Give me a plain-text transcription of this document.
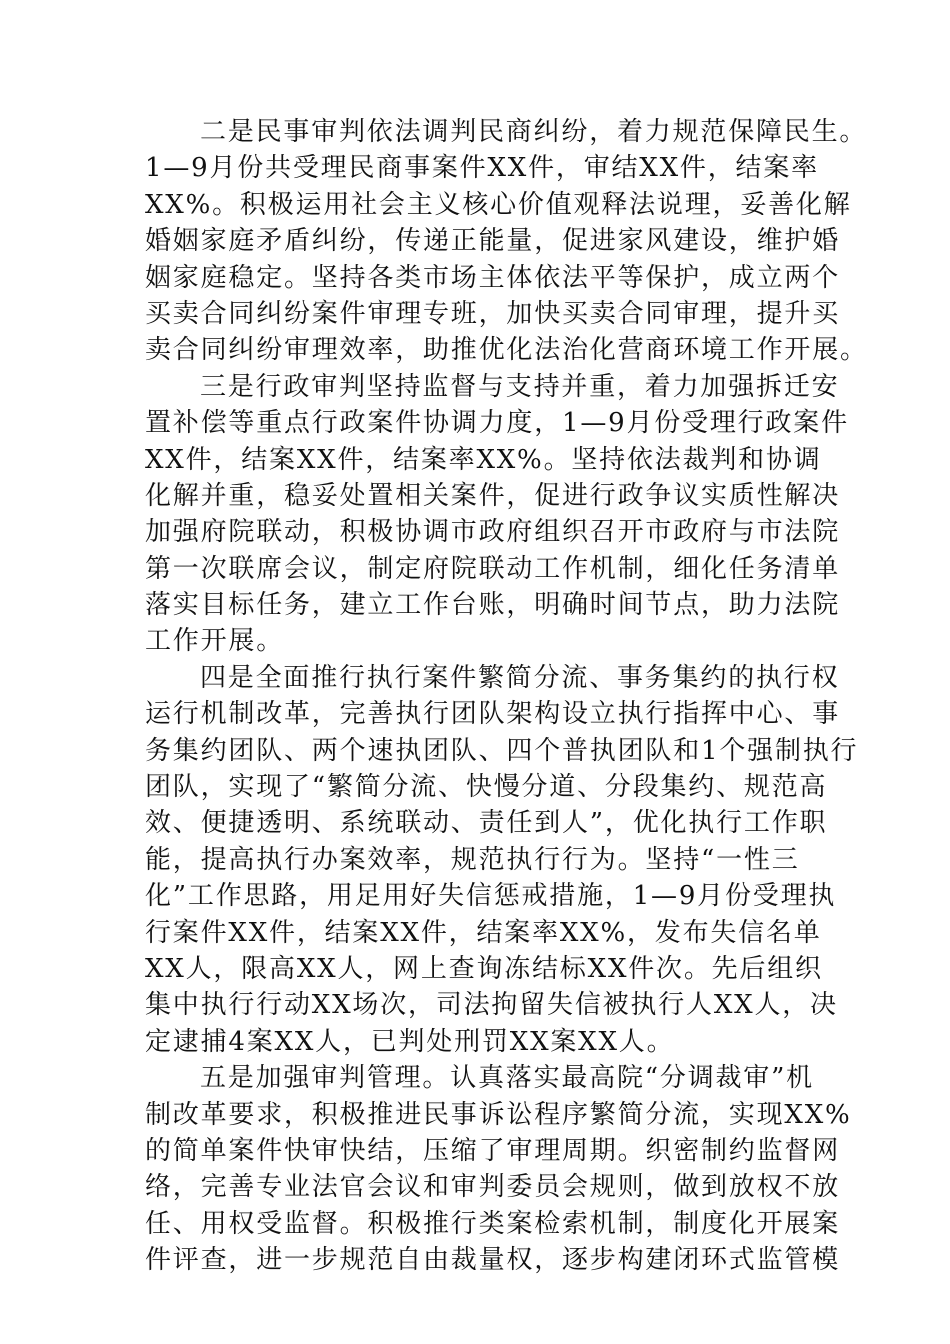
二是民事审判依法调判民商纠纷，着力规范保障民生。
1—9月份共受理民商事案件XX件，审结XX件，结案率
XX%。积极运用社会主义核心价值观释法说理，妥善化解
婚姻家庭矛盾纠纷，传递正能量，促进家风建设，维护婚
姻家庭稳定。坚持各类市场主体依法平等保护，成立两个
买卖合同纠纷案件审理专班，加快买卖合同审理，提升买
卖合同纠纷审理效率，助推优化法治化营商环境工作开展。
三是行政审判坚持监督与支持并重，着力加强拆迁安
置补偿等重点行政案件协调力度，1—9月份受理行政案件
XX件，结案XX件，结案率XX%。坚持依法裁判和协调
化解并重，稳妥处置相关案件，促进行政争议实质性解决
加强府院联动，积极协调市政府组织召开市政府与市法院
第一次联席会议，制定府院联动工作机制，细化任务清单
落实目标任务，建立工作台账，明确时间节点，助力法院
工作开展。
四是全面推行执行案件繁简分流、事务集约的执行权
运行机制改革，完善执行团队架构设立执行指挥中心、事
务集约团队、两个速执团队、四个普执团队和1个强制执行
团队，实现了“繁简分流、快慢分道、分段集约、规范高
效、便捷透明、系统联动、责任到人”，优化执行工作职
能，提高执行办案效率，规范执行行为。坚持“一性三
化”工作思路，用足用好失信惩戒措施，1—9月份受理执
行案件XX件，结案XX件，结案率XX%，发布失信名单
XX人，限高XX人，网上查询冻结标XX件次。先后组织
集中执行行动XX场次，司法拘留失信被执行人XX人，决
定逮捕4案XX人，已判处刑罚XX案XX人。
五是加强审判管理。认真落实最高院“分调裁审”机
制改革要求，积极推进民事诉讼程序繁简分流，实现XX%
的简单案件快审快结，压缩了审理周期。织密制约监督网
络，完善专业法官会议和审判委员会规则，做到放权不放
任、用权受监督。积极推行类案检索机制，制度化开展案
件评查，进一步规范自由裁量权，逐步构建闭环式监管模
